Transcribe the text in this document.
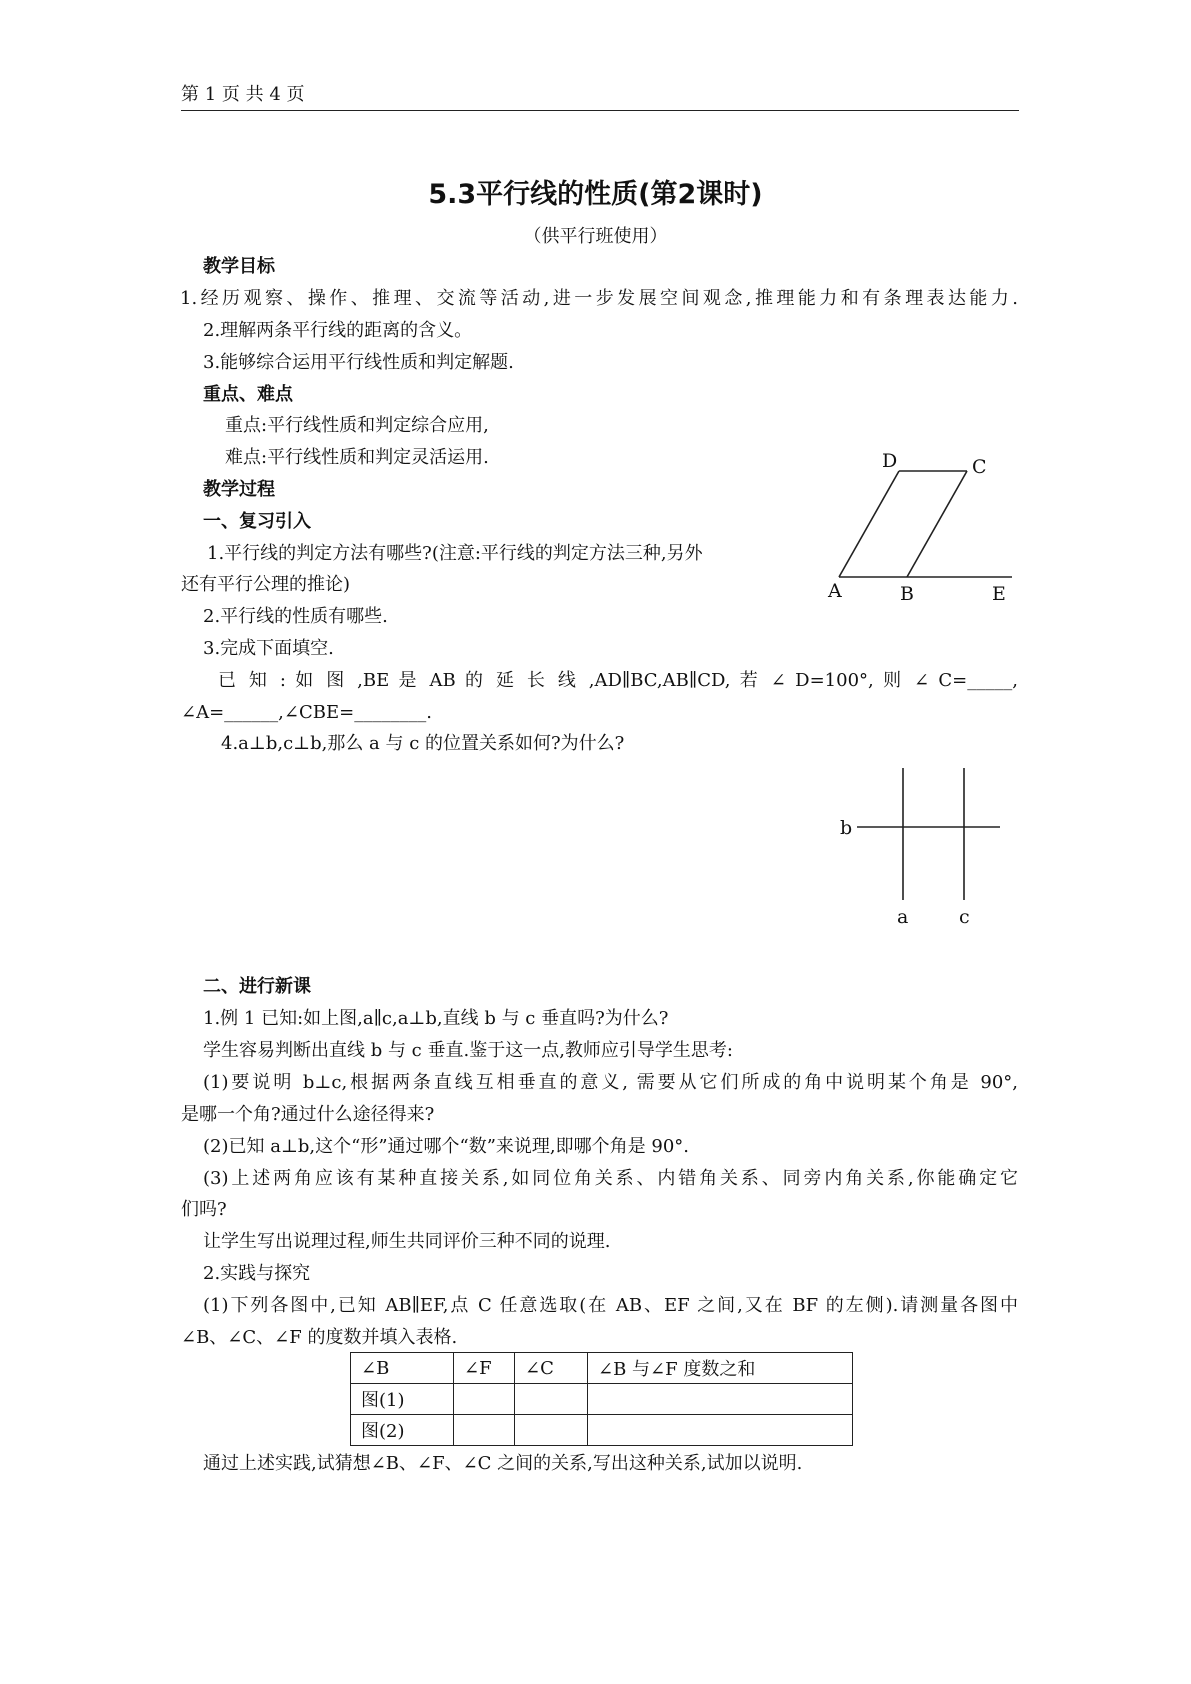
第 1 页 共 4 页
5.3平行线的性质(第2课时)
（供平行班使用）
教学目标
1.经历观察、操作、推理、交流等活动,进一步发展空间观念,推理能力和有条理表达能力.
2.理解两条平行线的距离的含义。
3.能够综合运用平行线性质和判定解题.
重点、难点
重点:平行线性质和判定综合应用,
难点:平行线性质和判定灵活运用.
教学过程
一、复习引入
1.平行线的判定方法有哪些?(注意:平行线的判定方法三种,另外
还有平行公理的推论)
2.平行线的性质有哪些.
3.完成下面填空.
已 知 : 如 图 ,BE 是 AB 的 延 长 线 ,AD∥BC,AB∥CD, 若 ∠ D=100°, 则 ∠ C=_____,
∠A=______,∠CBE=________.
4.a⊥b,c⊥b,那么 a 与 c 的位置关系如何?为什么?
D	C
A	B	E
b
a	c
二、进行新课
1.例 1 已知:如上图,a∥c,a⊥b,直线 b 与 c 垂直吗?为什么?
学生容易判断出直线 b 与 c 垂直.鉴于这一点,教师应引导学生思考:
(1)要说明 b⊥c,根据两条直线互相垂直的意义, 需要从它们所成的角中说明某个角是 90°,
是哪一个角?通过什么途径得来?
(2)已知 a⊥b,这个“形”通过哪个“数”来说理,即哪个角是 90°.
(3)上述两角应该有某种直接关系,如同位角关系、内错角关系、同旁内角关系,你能确定它
们吗?
让学生写出说理过程,师生共同评价三种不同的说理.
2.实践与探究
(1)下列各图中,已知 AB∥EF,点 C 任意选取(在 AB、EF 之间,又在 BF 的左侧).请测量各图中
∠B、∠C、∠F 的度数并填入表格.
∠B	∠F	∠C	∠B 与∠F 度数之和
图(1)			
图(2)			
通过上述实践,试猜想∠B、∠F、∠C 之间的关系,写出这种关系,试加以说明.
